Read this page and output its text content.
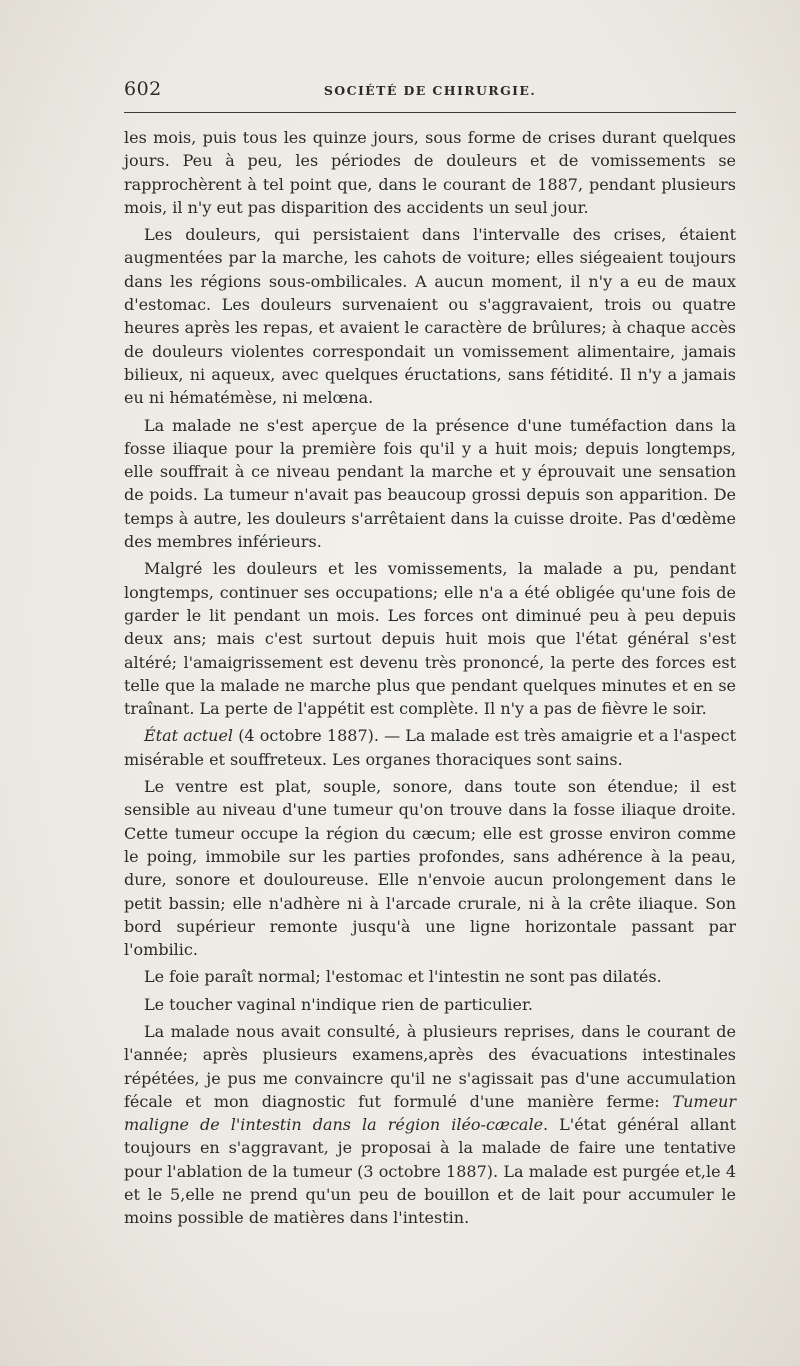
602	SOCIÉTÉ DE CHIRURGIE.

les mois, puis tous les quinze jours, sous forme de crises durant quelques jours. Peu à peu, les périodes de douleurs et de vomissements se rapprochèrent à tel point que, dans le courant de 1887, pendant plusieurs mois, il n'y eut pas disparition des accidents un seul jour.

Les douleurs, qui persistaient dans l'intervalle des crises, étaient augmentées par la marche, les cahots de voiture; elles siégeaient toujours dans les régions sous-ombilicales. A aucun moment, il n'y a eu de maux d'estomac. Les douleurs survenaient ou s'aggravaient, trois ou quatre heures après les repas, et avaient le caractère de brûlures; à chaque accès de douleurs violentes correspondait un vomissement alimentaire, jamais bilieux, ni aqueux, avec quelques éructations, sans fétidité. Il n'y a jamais eu ni hématémèse, ni melœna.

La malade ne s'est aperçue de la présence d'une tuméfaction dans la fosse iliaque pour la première fois qu'il y a huit mois; depuis longtemps, elle souffrait à ce niveau pendant la marche et y éprouvait une sensation de poids. La tumeur n'avait pas beaucoup grossi depuis son apparition. De temps à autre, les douleurs s'arrêtaient dans la cuisse droite. Pas d'œdème des membres inférieurs.

Malgré les douleurs et les vomissements, la malade a pu, pendant longtemps, continuer ses occupations; elle n'a a été obligée qu'une fois de garder le lit pendant un mois. Les forces ont diminué peu à peu depuis deux ans; mais c'est surtout depuis huit mois que l'état général s'est altéré; l'amaigrissement est devenu très prononcé, la perte des forces est telle que la malade ne marche plus que pendant quelques minutes et en se traînant. La perte de l'appétit est complète. Il n'y a pas de fièvre le soir.

État actuel (4 octobre 1887). — La malade est très amaigrie et a l'aspect misérable et souffreteux. Les organes thoraciques sont sains.

Le ventre est plat, souple, sonore, dans toute son étendue; il est sensible au niveau d'une tumeur qu'on trouve dans la fosse iliaque droite. Cette tumeur occupe la région du cæcum; elle est grosse environ comme le poing, immobile sur les parties profondes, sans adhérence à la peau, dure, sonore et douloureuse. Elle n'envoie aucun prolongement dans le petit bassin; elle n'adhère ni à l'arcade crurale, ni à la crête iliaque. Son bord supérieur remonte jusqu'à une ligne horizontale passant par l'ombilic.

Le foie paraît normal; l'estomac et l'intestin ne sont pas dilatés.

Le toucher vaginal n'indique rien de particulier.

La malade nous avait consulté, à plusieurs reprises, dans le courant de l'année; après plusieurs examens,après des évacuations intestinales répétées, je pus me convaincre qu'il ne s'agissait pas d'une accumulation fécale et mon diagnostic fut formulé d'une manière ferme: Tumeur maligne de l'intestin dans la région iléo-cæcale. L'état général allant toujours en s'aggravant, je proposai à la malade de faire une tentative pour l'ablation de la tumeur (3 octobre 1887). La malade est purgée et,le 4 et le 5,elle ne prend qu'un peu de bouillon et de lait pour accumuler le moins possible de matières dans l'intestin.
